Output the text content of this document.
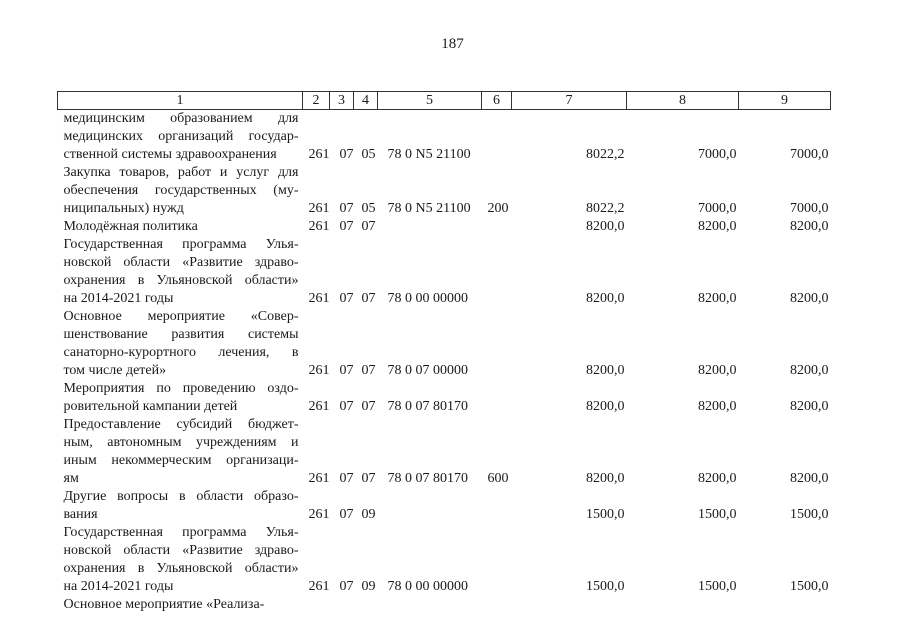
187
1	2	3	4	5	6	7	8	9

медицинским образованием для
медицинских организаций государ-
ственной системы здравоохранения	261	07	05	78 0 N5 21100		8022,2	7000,0	7000,0

Закупка товаров, работ и услуг для
обеспечения государственных (му-
ниципальных) нужд	261	07	05	78 0 N5 21100	200	8022,2	7000,0	7000,0

Молодёжная политика	261	07	07			8200,0	8200,0	8200,0

Государственная программа Улья-
новской области «Развитие здраво-
охранения в Ульяновской области»
на 2014-2021 годы	261	07	07	78 0 00 00000		8200,0	8200,0	8200,0

Основное мероприятие «Совер-
шенствование развития системы
санаторно-курортного лечения, в
том числе детей»	261	07	07	78 0 07 00000		8200,0	8200,0	8200,0

Мероприятия по проведению оздо-
ровительной кампании детей	261	07	07	78 0 07 80170		8200,0	8200,0	8200,0

Предоставление субсидий бюджет-
ным, автономным учреждениям и
иным некоммерческим организаци-
ям	261	07	07	78 0 07 80170	600	8200,0	8200,0	8200,0

Другие вопросы в области образо-
вания	261	07	09			1500,0	1500,0	1500,0

Государственная программа Улья-
новской области «Развитие здраво-
охранения в Ульяновской области»
на 2014-2021 годы	261	07	09	78 0 00 00000		1500,0	1500,0	1500,0

Основное мероприятие «Реализа-								
